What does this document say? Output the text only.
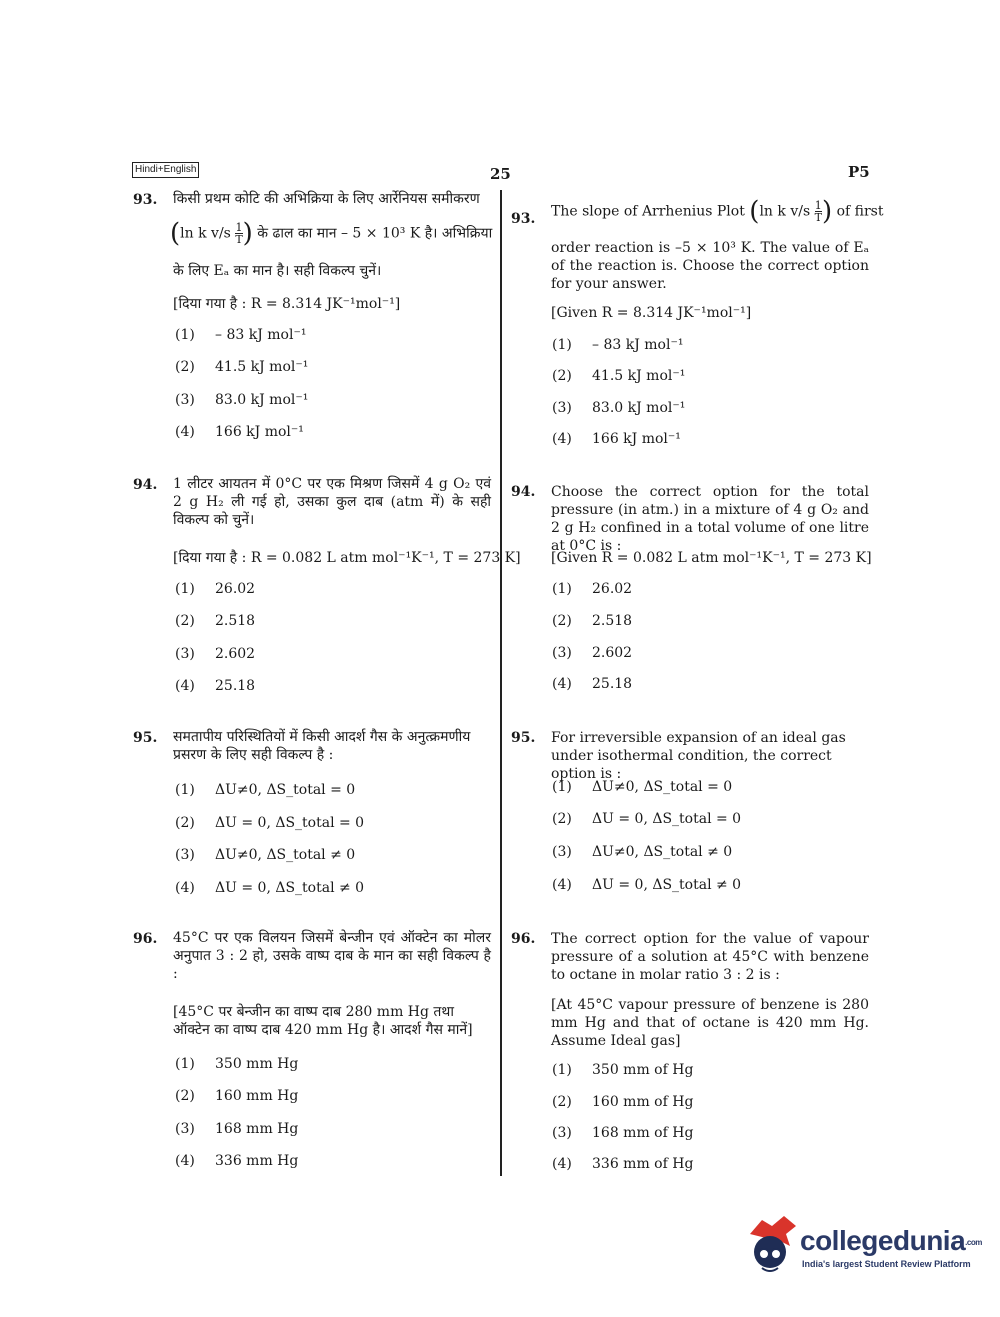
Hindi+English	25	P5
93. किसी प्रथम कोटि की अभिक्रिया के लिए आर्रेनियस समीकरण
(ln k $v/s \frac{1}{T}$ ) के ढाल का मान – 5 × 10³ K है। अभिक्रिया
के लिए Eₐ का मान है। सही विकल्प चुनें।
[दिया गया है : R = 8.314 JK⁻¹mol⁻¹]
(1) – 83 kJ mol⁻¹
(2) 41.5 kJ mol⁻¹
(3) 83.0 kJ mol⁻¹
(4) 166 kJ mol⁻¹
93. The slope of Arrhenius Plot (ln k $v/s \frac{1}{T}$ ) of first
order reaction is –5 × 10³ K. The value of Eₐ of the reaction is. Choose the correct option for your answer.
[Given R = 8.314 JK⁻¹mol⁻¹]
(1) – 83 kJ mol⁻¹
(2) 41.5 kJ mol⁻¹
(3) 83.0 kJ mol⁻¹
(4) 166 kJ mol⁻¹
94. 1 लीटर आयतन में 0°C पर एक मिश्रण जिसमें 4 g O₂ एवं 2 g H₂ ली गई हो, उसका कुल दाब (atm में) के सही विकल्प को चुनें।
[दिया गया है : R = 0.082 L atm mol⁻¹K⁻¹, T = 273 K]
(1) 26.02
(2) 2.518
(3) 2.602
(4) 25.18
94. Choose the correct option for the total pressure (in atm.) in a mixture of 4 g O₂ and 2 g H₂ confined in a total volume of one litre at 0°C is :
[Given R = 0.082 L atm mol⁻¹K⁻¹, T = 273 K]
(1) 26.02
(2) 2.518
(3) 2.602
(4) 25.18
95. समतापीय परिस्थितियों में किसी आदर्श गैस के अनुत्क्रमणीय प्रसरण के लिए सही विकल्प है :
(1) ΔU≠0, ΔS_total = 0
(2) ΔU = 0, ΔS_total = 0
(3) ΔU≠0, ΔS_total ≠ 0
(4) ΔU = 0, ΔS_total ≠ 0
95. For irreversible expansion of an ideal gas under isothermal condition, the correct option is :
(1) ΔU≠0, ΔS_total = 0
(2) ΔU = 0, ΔS_total = 0
(3) ΔU≠0, ΔS_total ≠ 0
(4) ΔU = 0, ΔS_total ≠ 0
96. 45°C पर एक विलयन जिसमें बेन्जीन एवं ऑक्टेन का मोलर अनुपात 3 : 2 हो, उसके वाष्प दाब के मान का सही विकल्प है :
[45°C पर बेन्जीन का वाष्प दाब 280 mm Hg तथा ऑक्टेन का वाष्प दाब 420 mm Hg है। आदर्श गैस मानें]
(1) 350 mm Hg
(2) 160 mm Hg
(3) 168 mm Hg
(4) 336 mm Hg
96. The correct option for the value of vapour pressure of a solution at 45°C with benzene to octane in molar ratio 3 : 2 is :
[At 45°C vapour pressure of benzene is 280 mm Hg and that of octane is 420 mm Hg. Assume Ideal gas]
(1) 350 mm of Hg
(2) 160 mm of Hg
(3) 168 mm of Hg
(4) 336 mm of Hg
collegedunia.com
India's largest Student Review Platform
